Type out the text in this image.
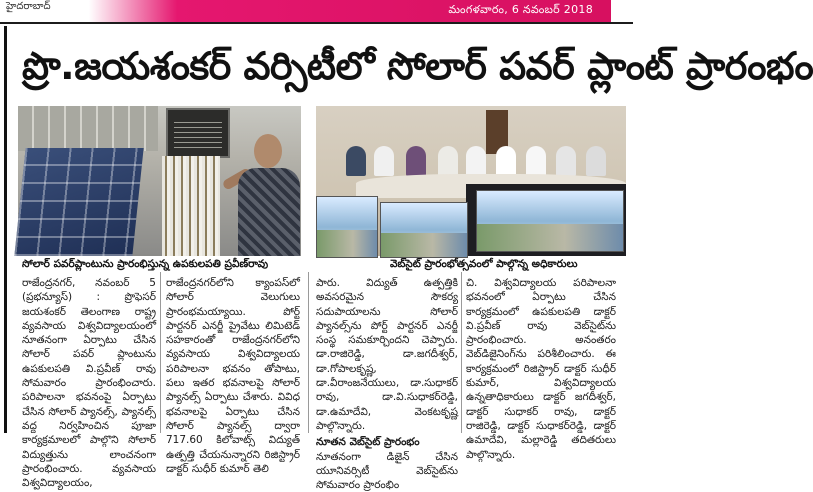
హైదరాబాద్	మంగళవారం, 6 నవంబర్ 2018
ప్రొ.జయశంకర్ వర్సిటీలో సోలార్ పవర్ ప్లాంట్ ప్రారంభం
సోలార్ పవర్‌ప్లాంటును ప్రారంభిస్తున్న ఉపకులపతి ప్రవీణ్‌రావు	వెబ్‌సైట్ ప్రారంభోత్సవంలో పాల్గొన్న అధికారులు

రాజేంద్రనగర్, నవంబర్ 5 (ప్రభన్యూస్) : ప్రొఫెసర్ జయశంకర్ తెలంగాణ రాష్ట్ర వ్యవసాయ విశ్వవిద్యాలయంలో నూతనంగా ఏర్పాటు చేసిన సోలార్ పవర్ ప్లాంటును ఉపకులపతి వి.ప్రవీణ్ రావు సోమవారం ప్రారంభించారు. పరిపాలనా భవనంపై ఏర్పాటు చేసిన సోలార్ ప్యానల్స్, ప్యానల్స్ వద్ద నిర్వహించిన పూజా కార్యక్రమాలలో పాల్గొని సోలార్ విద్యుత్తును లాంచనంగా ప్రారంభించారు. వ్యవసాయ విశ్వవిద్యాలయం,

రాజేంద్రనగర్‌లోని క్యాంపస్‌లో సోలార్ వెలుగులు ప్రారంభమయ్యాయి. పోర్ట్ పార్టనర్ ఎనర్జీ ప్రైవేటు లిమిటెడ్ సహకారంతో రాజేంద్రనగర్‌లోని వ్యవసాయ విశ్వవిద్యాలయ పరిపాలనా భవనం తోపాటు, పలు ఇతర భవనాలపై సోలార్ ప్యానల్స్ ఏర్పాటు చేశారు. వివిధ భవనాలపై ఏర్పాటు చేసిన సోలార్ ప్యానల్స్ ద్వారా 717.60 కిలోవాట్స్ విద్యుత్ ఉత్పత్తి చేయనున్నారని రిజిస్ట్రార్ డాక్టర్ సుధీర్ కుమార్ తెలి

పారు. విద్యుత్ ఉత్పత్తికి అవసరమైన సౌకర్య సదుపాయాలను సోలార్ ప్యానల్స్‌ను పోర్ట్ పార్టనర్ ఎనర్జీ సంస్థ సమకూర్చిందని చెప్పారు. డా.రాజిరెడ్డి, డా.జగదీశ్వర్, డా.గోపాలకృష్ణ, డా.వీరాంజనేయులు, డా.సుధాకర్ రావు, డా.వి.సుధాకర్‌రెడ్డి, డా.ఉమాదేవి, వెంకటకృష్ణ పాల్గొన్నారు.

నూతన వెబ్‌సైట్ ప్రారంభం

నూతనంగా డిజైన్ చేసిన యూనివర్సిటీ వెబ్‌సైట్‌ను సోమవారం ప్రారంభిం

చి. విశ్వవిద్యాలయ పరిపాలనా భవనంలో ఏర్పాటు చేసిన కార్యక్రమంలో ఉపకులపతి డాక్టర్ వి.ప్రవీణ్ రావు వెబ్‌సైట్‌ను ప్రారంభించారు. అనంతరం వెబ్‌డిజైనింగ్‌ను పరిశీలించారు. ఈ కార్యక్రమంలో రిజిస్ట్రార్ డాక్టర్ సుధీర్ కుమార్, విశ్వవిద్యాలయ ఉన్నతాధికారులు డాక్టర్ జగదీశ్వర్, డాక్టర్ సుధాకర్ రావు, డాక్టర్ రాజిరెడ్డి, డాక్టర్ సుధాకర్‌రెడ్డి, డాక్టర్ ఉమాదేవి, మల్లారెడ్డి తదితరులు పాల్గొన్నారు.
